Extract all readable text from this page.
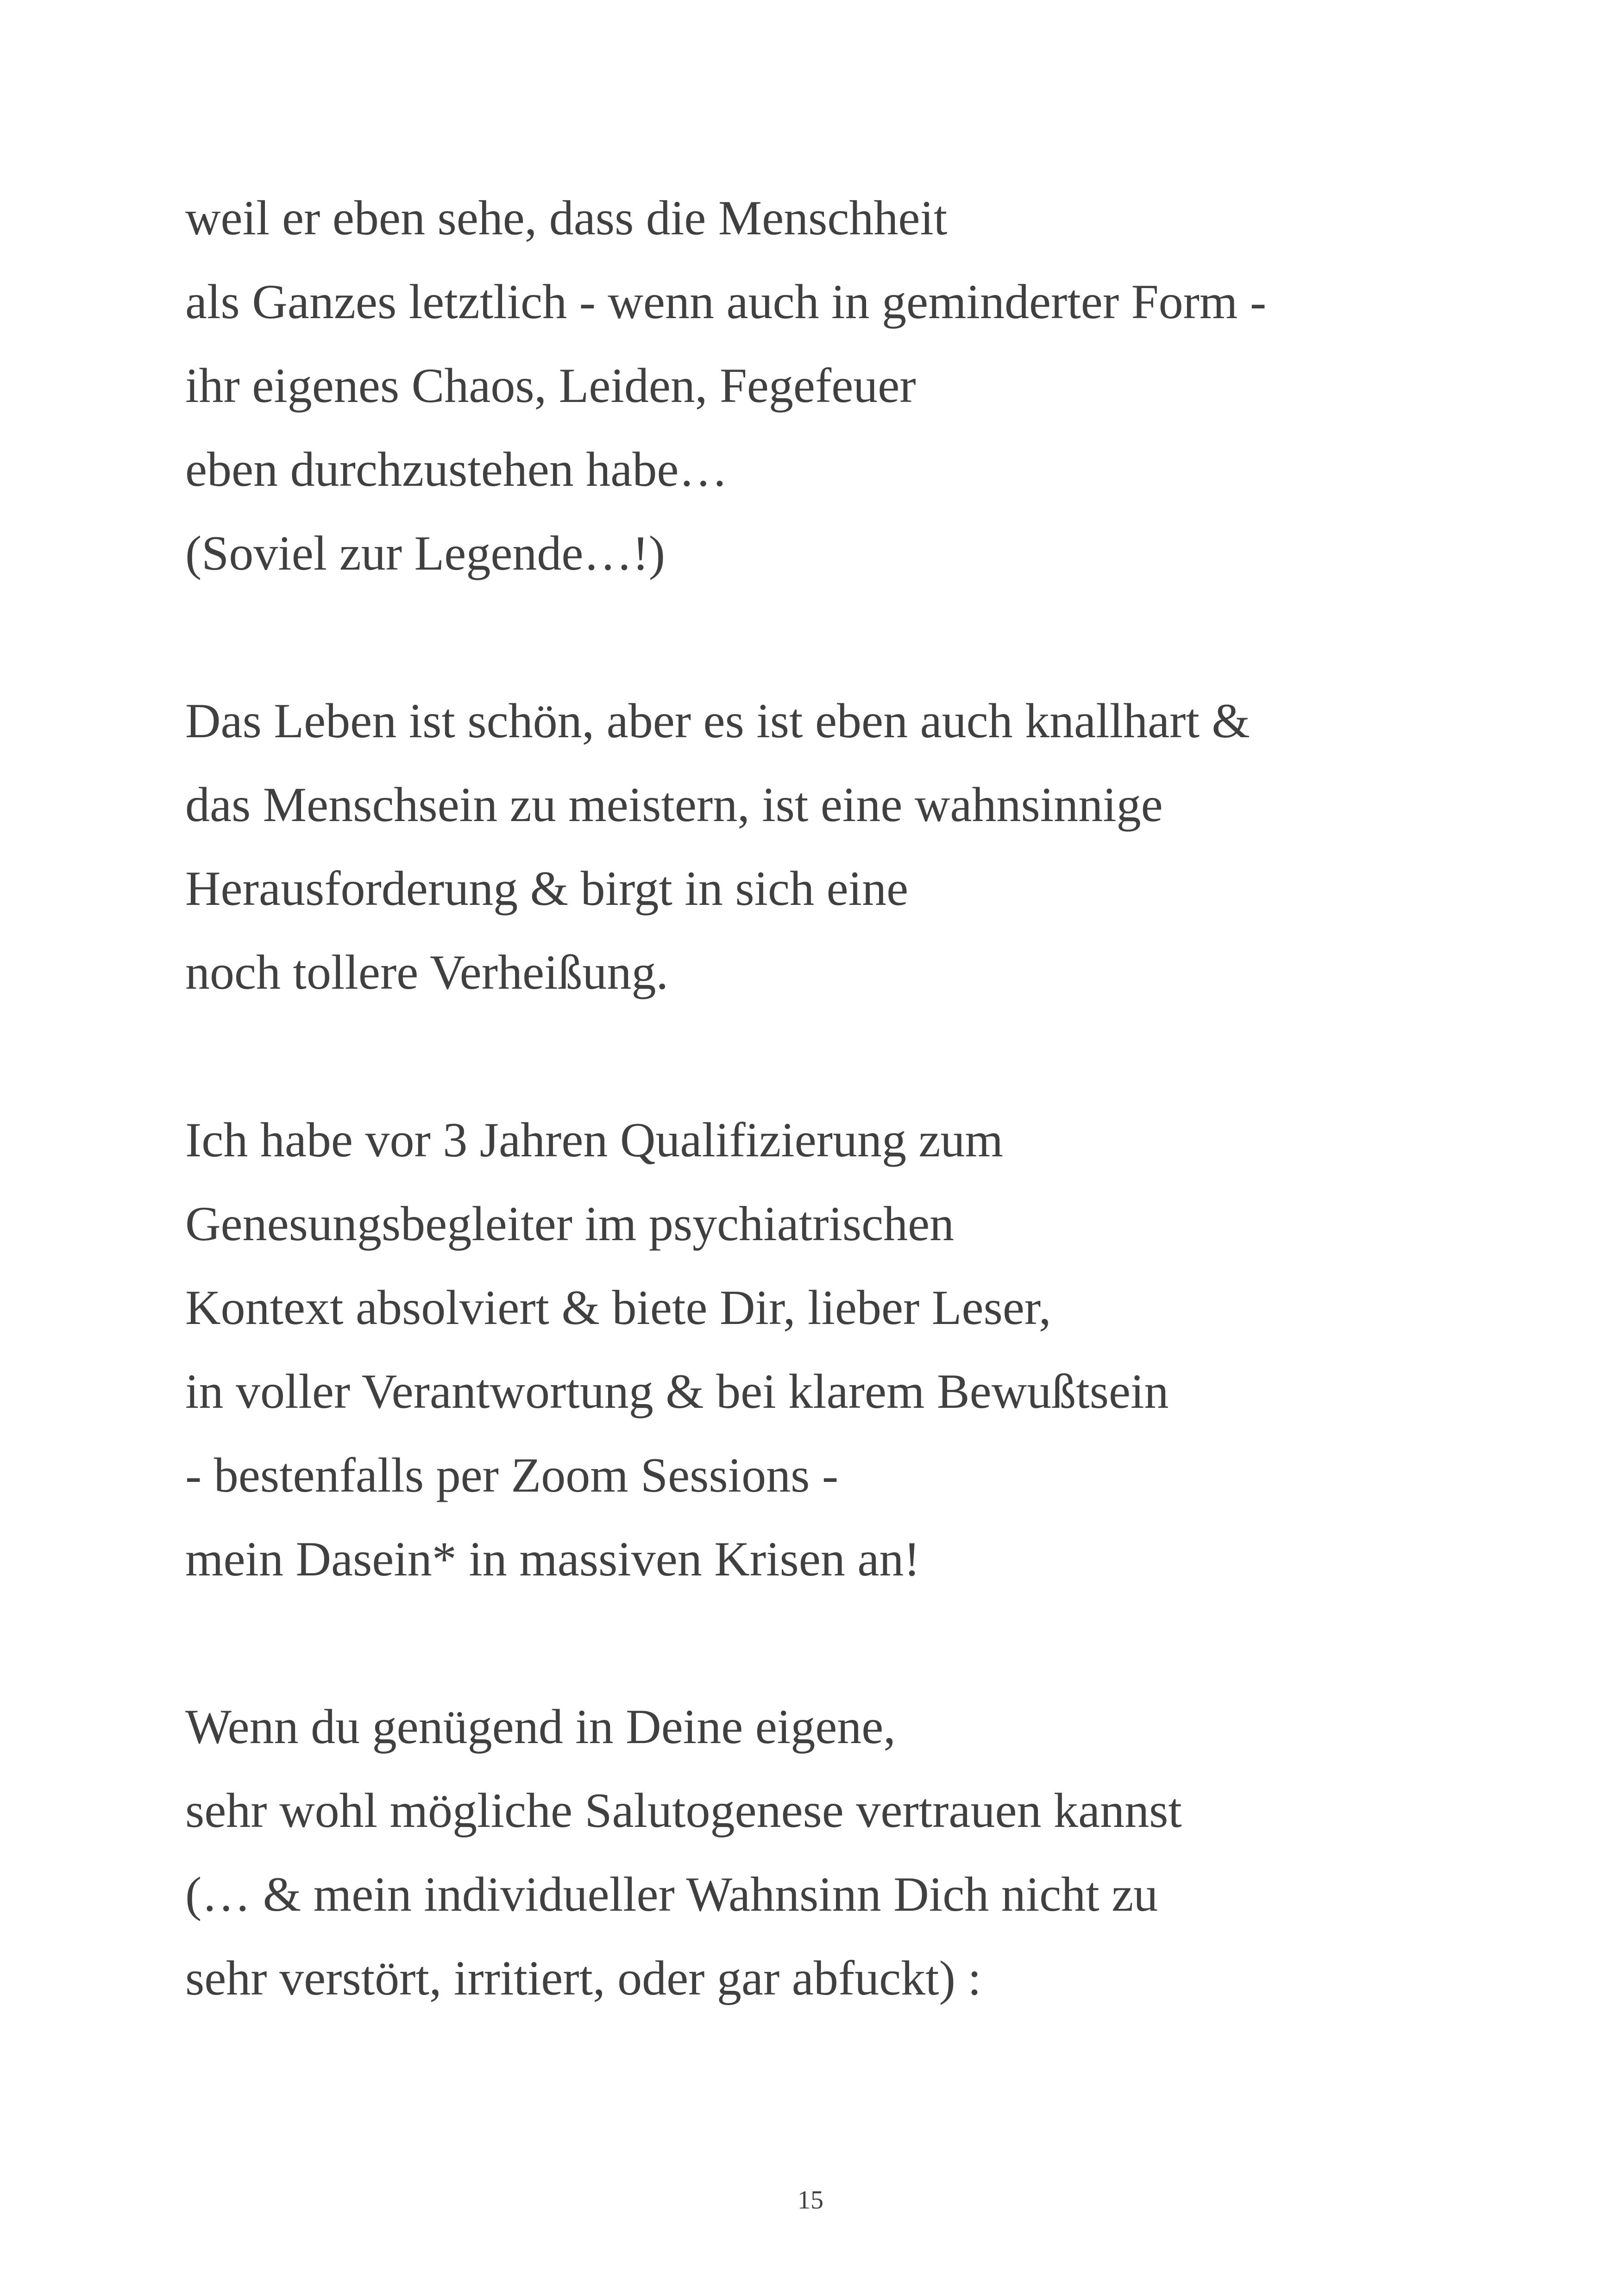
weil er eben sehe, dass die Menschheit
als Ganzes letztlich - wenn auch in geminderter Form -
ihr eigenes Chaos, Leiden, Fegefeuer
eben durchzustehen habe…
(Soviel zur Legende…!)
Das Leben ist schön, aber es ist eben auch knallhart &
das Menschsein zu meistern, ist eine wahnsinnige
Herausforderung & birgt in sich eine
noch tollere Verheißung.
Ich habe vor 3 Jahren Qualifizierung zum
Genesungsbegleiter im psychiatrischen
Kontext absolviert & biete Dir, lieber Leser,
in voller Verantwortung & bei klarem Bewußtsein
- bestenfalls per Zoom Sessions -
mein Dasein* in massiven Krisen an!
Wenn du genügend in Deine eigene,
sehr wohl mögliche Salutogenese vertrauen kannst
(… & mein individueller Wahnsinn Dich nicht zu
sehr verstört, irritiert, oder gar abfuckt) :
15
